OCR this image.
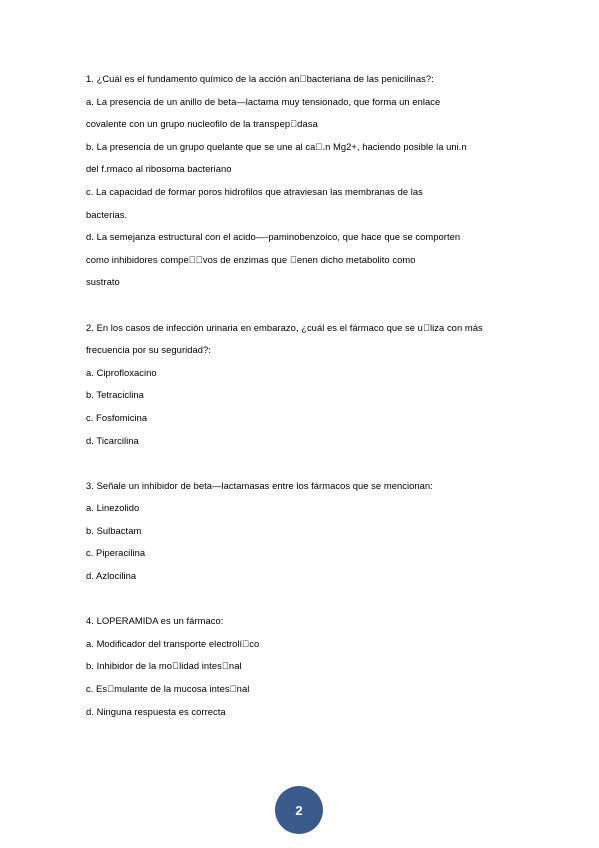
1. ¿Cuál es el fundamento químico de la acción an bacteriana de las penicilinas?:
a. La presencia de un anillo de beta—lactama muy tensionado, que forma un enlace
covalente con un grupo nucleofilo de la transpep dasa
b. La presencia de un grupo quelante que se une al ca .n Mg2+, haciendo posible la uni.n
del f.rmaco al ribosoma bacteriano
c. La capacidad de formar poros hidrofilos que atraviesan las membranas de las
bacterias.
d. La semejanza estructural con el acido—-paminobenzoico, que hace que se comporten
como inhibidores compe  vos de enzimas que  enen dicho metabolito como
sustrato
2. En los casos de infección urinaria en embarazo, ¿cuál es el fármaco que se u liza con más
frecuencia por su seguridad?:
a. Ciprofloxacino
b. Tetraciclina
c. Fosfomicina
d. Ticarcilina
3. Señale un inhibidor de beta—lactamasas entre los fármacos que se mencionan:
a. Linezolido
b. Sulbactam
c. Piperacilina
d. Azlocilina
4. LOPERAMIDA es un fármaco:
a. Modificador del transporte electrolí co
b. Inhibidor de la mo lidad intes nal
c. Es mulante de la mucosa intes nal
d. Ninguna respuesta es correcta
2
